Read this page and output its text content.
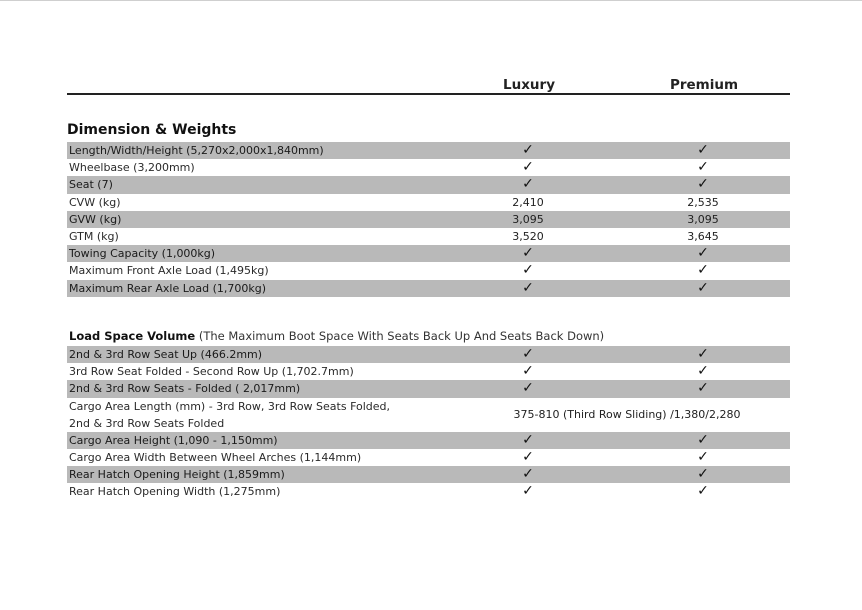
Luxury	Premium
Dimension & Weights
Length/Width/Height (5,270x2,000x1,840mm)	✓	✓
Wheelbase (3,200mm)	✓	✓
Seat (7)	✓	✓
CVW (kg)	2,410	2,535
GVW (kg)	3,095	3,095
GTM (kg)	3,520	3,645
Towing Capacity (1,000kg)	✓	✓
Maximum Front Axle Load (1,495kg)	✓	✓
Maximum Rear Axle Load (1,700kg)	✓	✓
Load Space Volume (The Maximum Boot Space With Seats Back Up And Seats Back Down)
2nd & 3rd Row Seat Up (466.2mm)	✓	✓
3rd Row Seat Folded - Second Row Up (1,702.7mm)	✓	✓
2nd & 3rd Row Seats - Folded ( 2,017mm)	✓	✓
Cargo Area Length (mm) - 3rd Row, 3rd Row Seats Folded,
2nd & 3rd Row Seats Folded
375-810 (Third Row Sliding) /1,380/2,280
Cargo Area Height (1,090 - 1,150mm)	✓	✓
Cargo Area Width Between Wheel Arches (1,144mm)	✓	✓
Rear Hatch Opening Height (1,859mm)	✓	✓
Rear Hatch Opening Width (1,275mm)	✓	✓
